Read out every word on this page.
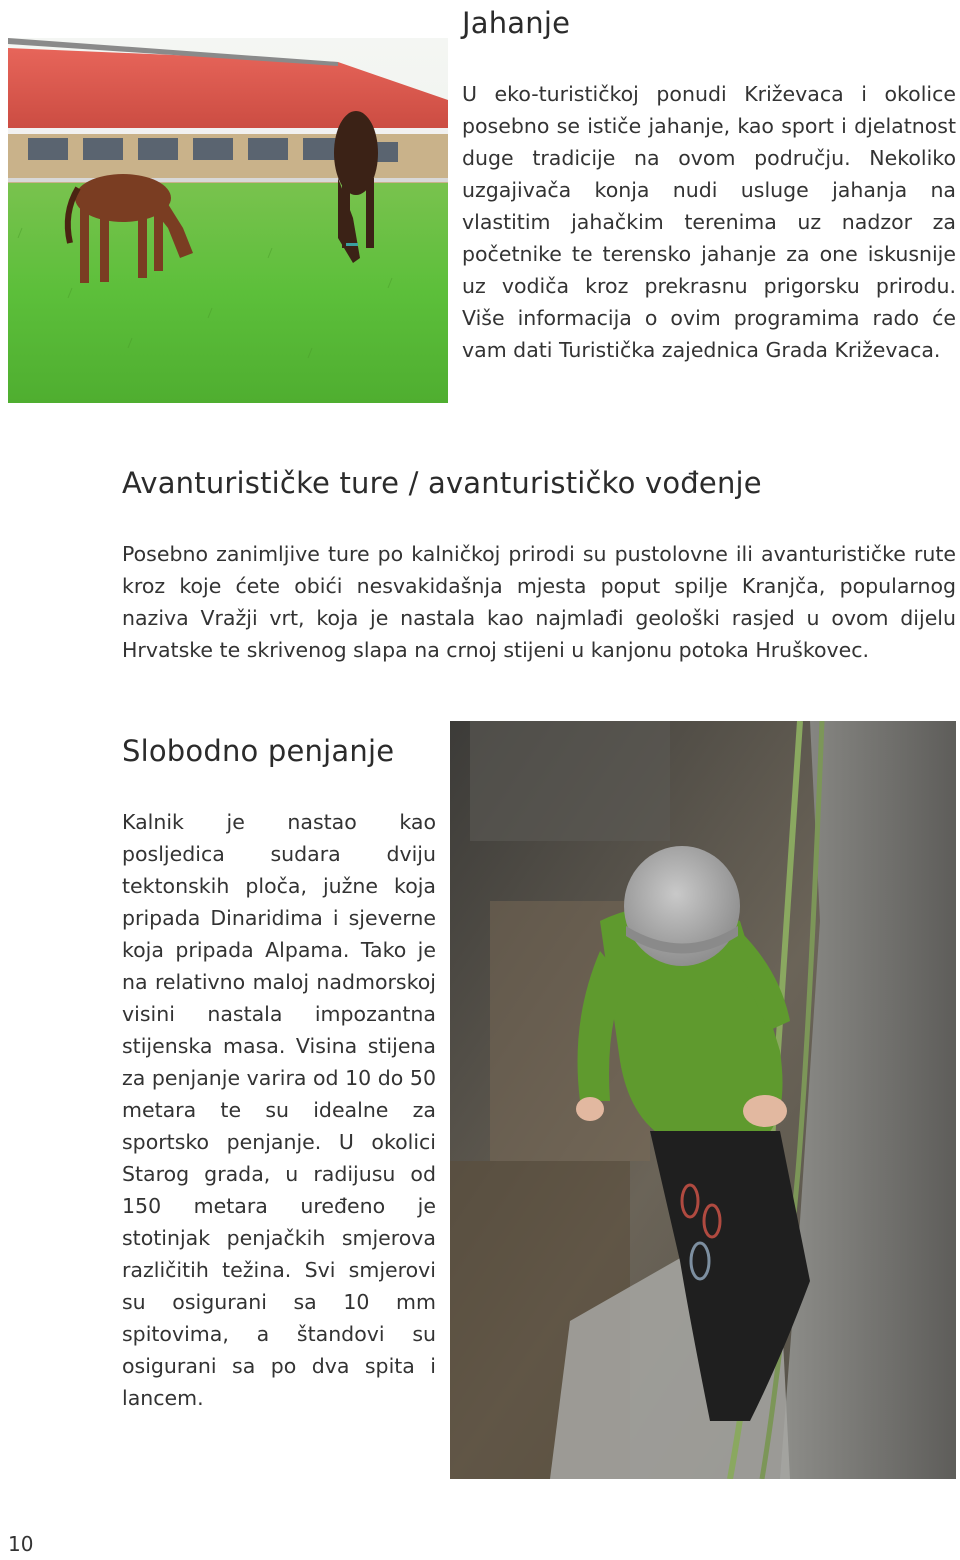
Jahanje

U eko-turističkoj ponudi Križevaca i okolice posebno se ističe jahanje, kao sport i djelatnost duge tradicije na ovom području. Nekoliko uzgajivača konja nudi usluge jahanja na vlastitim jahačkim terenima uz nadzor za početnike te terensko jahanje za one iskusnije uz vodiča kroz prekrasnu prigorsku prirodu. Više informacija o ovim programima rado će vam dati Turistička zajednica Grada Križevaca.

Avanturističke ture / avanturističko vođenje

Posebno zanimljive ture po kalničkoj prirodi su pustolovne ili avanturističke rute kroz koje ćete obići nesvakidašnja mjesta poput spilje Kranjča, popularnog naziva Vražji vrt, koja je nastala kao najmlađi geološki rasjed u ovom dijelu Hrvatske te skrivenog slapa na crnoj stijeni u kanjonu potoka Hruškovec.

Slobodno penjanje

Kalnik je nastao kao posljedica sudara dviju tektonskih ploča, južne koja pripada Dinaridima i sjeverne koja pripada Alpama. Tako je na relativno maloj nadmorskoj visini nastala impozantna stijenska masa. Visina stijena za penjanje varira od 10 do 50 metara te su idealne za sportsko penjanje. U okolici Starog grada, u radijusu od 150 metara uređeno je stotinjak penjačkih smjerova različitih težina. Svi smjerovi su osigurani sa 10 mm spitovima, a štandovi su osigurani sa po dva spita i lancem.

10
